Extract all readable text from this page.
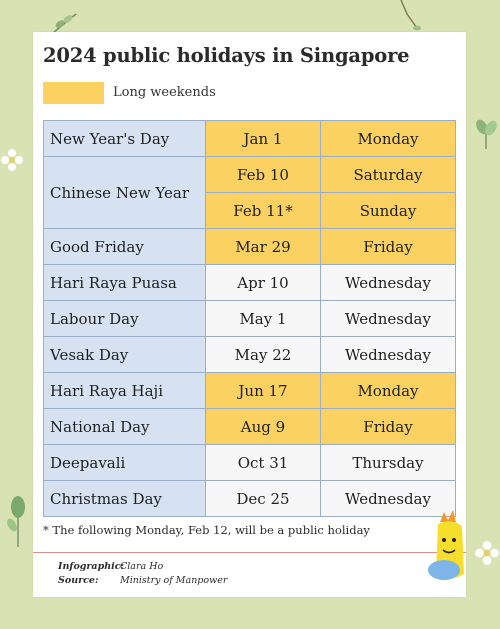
2024 public holidays in Singapore
Long weekends
New Year's Day	Jan 1	Monday
Chinese New Year	Feb 10	Saturday
	Feb 11*	Sunday
Good Friday	Mar 29	Friday
Hari Raya Puasa	Apr 10	Wednesday
Labour Day	May 1	Wednesday
Vesak Day	May 22	Wednesday
Hari Raya Haji	Jun 17	Monday
National Day	Aug 9	Friday
Deepavali	Oct 31	Thursday
Christmas Day	Dec 25	Wednesday
* The following Monday, Feb 12, will be a public holiday
Infographic:Clara Ho
Source: Ministry of Manpower
